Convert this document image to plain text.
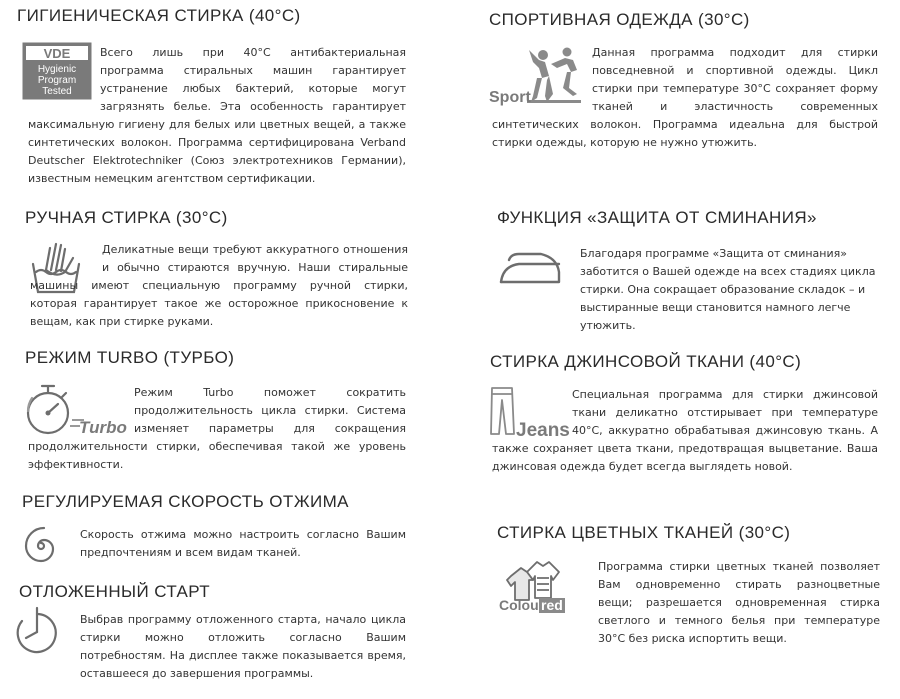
ГИГИЕНИЧЕСКАЯ СТИРКА (40°C)
VDE
Hygienic
Program
Tested
Всего лишь при 40°C антибактериальная программа стиральных машин гарантирует устранение любых бактерий, которые могут загрязнять белье. Эта особенность гарантирует максимальную гигиену для белых или цветных вещей, а также синтетических волокон. Программа сертифицирована Verband Deutscher Elektrotechniker (Союз электротехников Германии), известным немецким агентством сертификации.
РУЧНАЯ СТИРКА (30°C)
Деликатные вещи требуют аккуратного отношения и обычно стираются вручную. Наши стиральные машины имеют специальную программу ручной стирки, которая гарантирует такое же осторожное прикосновение к вещам, как при стирке руками.
РЕЖИМ TURBO (ТУРБО)
Turbo
Режим Turbo поможет сократить продолжительность цикла стирки. Система изменяет параметры для сокращения продолжительности стирки, обеспечивая такой же уровень эффективности.
РЕГУЛИРУЕМАЯ СКОРОСТЬ ОТЖИМА
Скорость отжима можно настроить согласно Вашим предпочтениям и всем видам тканей.
ОТЛОЖЕННЫЙ СТАРТ
Выбрав программу отложенного старта, начало цикла стирки можно отложить согласно Вашим потребностям. На дисплее также показывается время, оставшееся до завершения программы.
СПОРТИВНАЯ ОДЕЖДА (30°C)
Sport
Данная программа подходит для стирки повседневной и спортивной одежды. Цикл стирки при температуре 30°C сохраняет форму тканей и эластичность современных синтетических волокон. Программа идеальна для быстрой стирки одежды, которую не нужно утюжить.
ФУНКЦИЯ «ЗАЩИТА ОТ СМИНАНИЯ»
Благодаря программе «Защита от сминания» заботится о Вашей одежде на всех стадиях цикла стирки. Она сокращает образование складок – и выстиранные вещи становится намного легче утюжить.
СТИРКА ДЖИНСОВОЙ ТКАНИ (40°C)
Jeans
Специальная программа для стирки джинсовой ткани деликатно отстирывает при температуре 40°C, аккуратно обрабатывая джинсовую ткань. А также сохраняет цвета ткани, предотвращая выцветание. Ваша джинсовая одежда будет всегда выглядеть новой.
СТИРКА ЦВЕТНЫХ ТКАНЕЙ (30°C)
Colou red
Программа стирки цветных тканей позволяет Вам одновременно стирать разноцветные вещи; разрешается одновременная стирка светлого и темного белья при температуре 30°C без риска испортить вещи.
